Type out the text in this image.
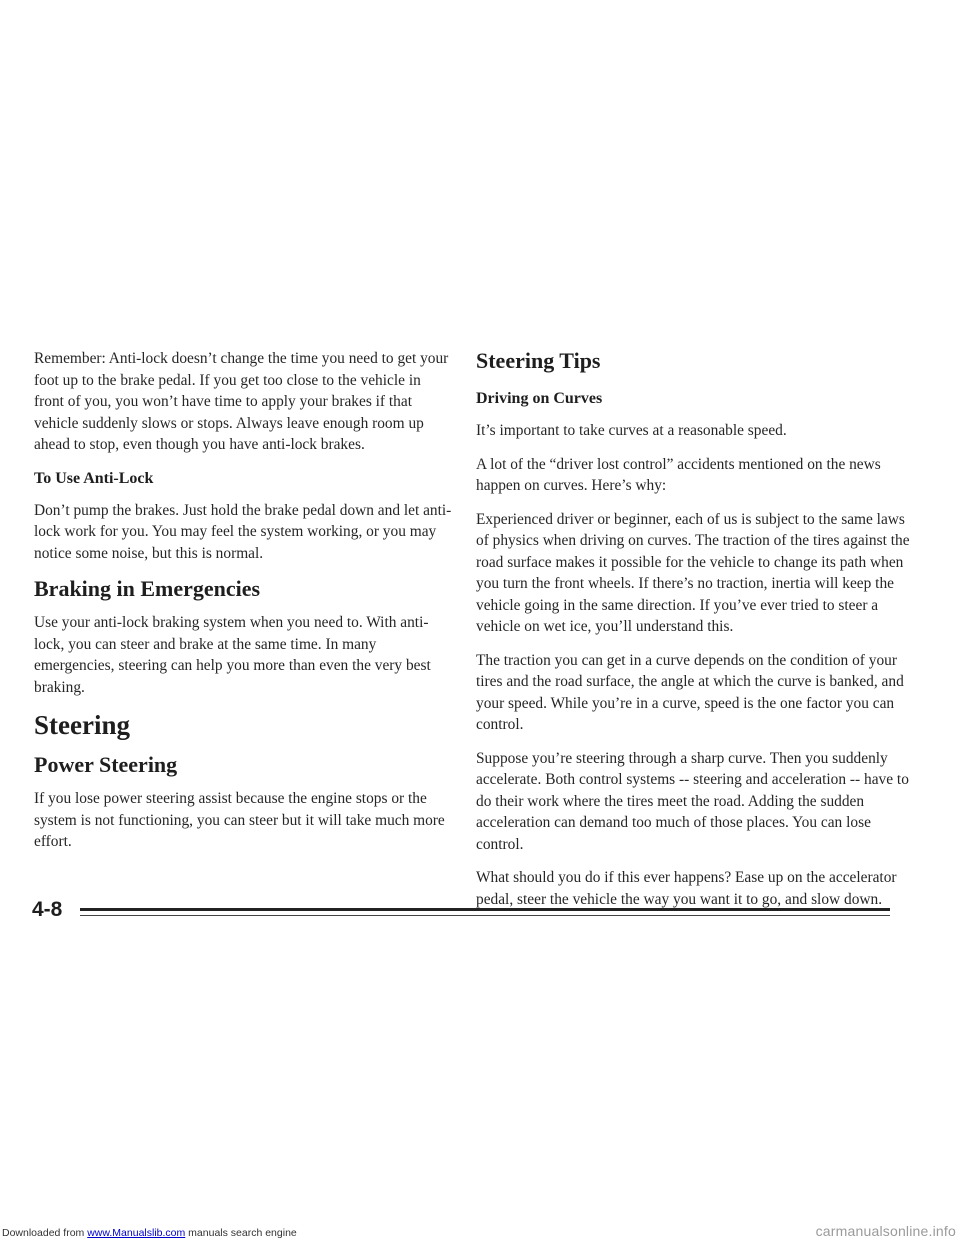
Remember: Anti-lock doesn’t change the time you need to get your foot up to the brake pedal. If you get too close to the vehicle in front of you, you won’t have time to apply your brakes if that vehicle suddenly slows or stops. Always leave enough room up ahead to stop, even though you have anti-lock brakes.

To Use Anti-Lock

Don’t pump the brakes. Just hold the brake pedal down and let anti-lock work for you. You may feel the system working, or you may notice some noise, but this is normal.

Braking in Emergencies

Use your anti-lock braking system when you need to. With anti-lock, you can steer and brake at the same time. In many emergencies, steering can help you more than even the very best braking.

Steering
Power Steering

If you lose power steering assist because the engine stops or the system is not functioning, you can steer but it will take much more effort.

Steering Tips
Driving on Curves

It’s important to take curves at a reasonable speed.

A lot of the “driver lost control” accidents mentioned on the news happen on curves. Here’s why:

Experienced driver or beginner, each of us is subject to the same laws of physics when driving on curves. The traction of the tires against the road surface makes it possible for the vehicle to change its path when you turn the front wheels. If there’s no traction, inertia will keep the vehicle going in the same direction. If you’ve ever tried to steer a vehicle on wet ice, you’ll understand this.

The traction you can get in a curve depends on the condition of your tires and the road surface, the angle at which the curve is banked, and your speed. While you’re in a curve, speed is the one factor you can control.

Suppose you’re steering through a sharp curve. Then you suddenly accelerate. Both control systems -- steering and acceleration -- have to do their work where the tires meet the road. Adding the sudden acceleration can demand too much of those places. You can lose control.

What should you do if this ever happens? Ease up on the accelerator pedal, steer the vehicle the way you want it to go, and slow down.

4-8
Downloaded from www.Manualslib.com manuals search engine	carmanualsonline.info
